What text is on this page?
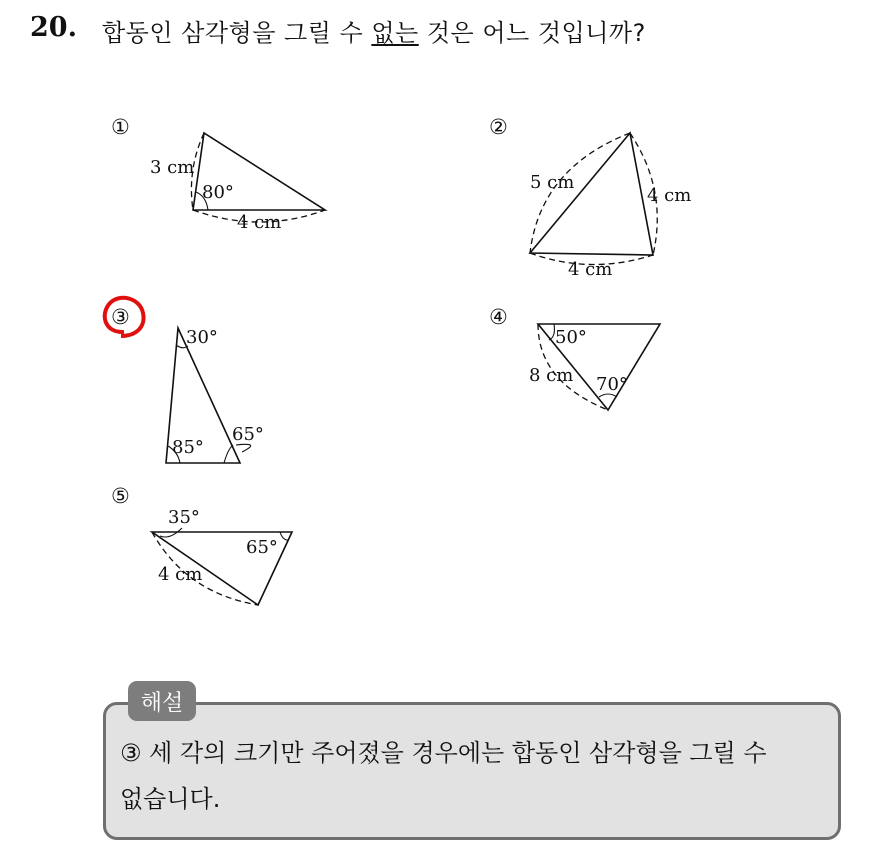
20. 합동인 삼각형을 그릴 수 없는 것은 어느 것입니까?
①
3 cm
80°
4 cm
②
5 cm
4 cm
4 cm
③
30°
65°
85°
④
50°
8 cm 70°
⑤
35°
65°
4 cm
해설
③ 세 각의 크기만 주어졌을 경우에는 합동인 삼각형을 그릴 수 없습니다.
